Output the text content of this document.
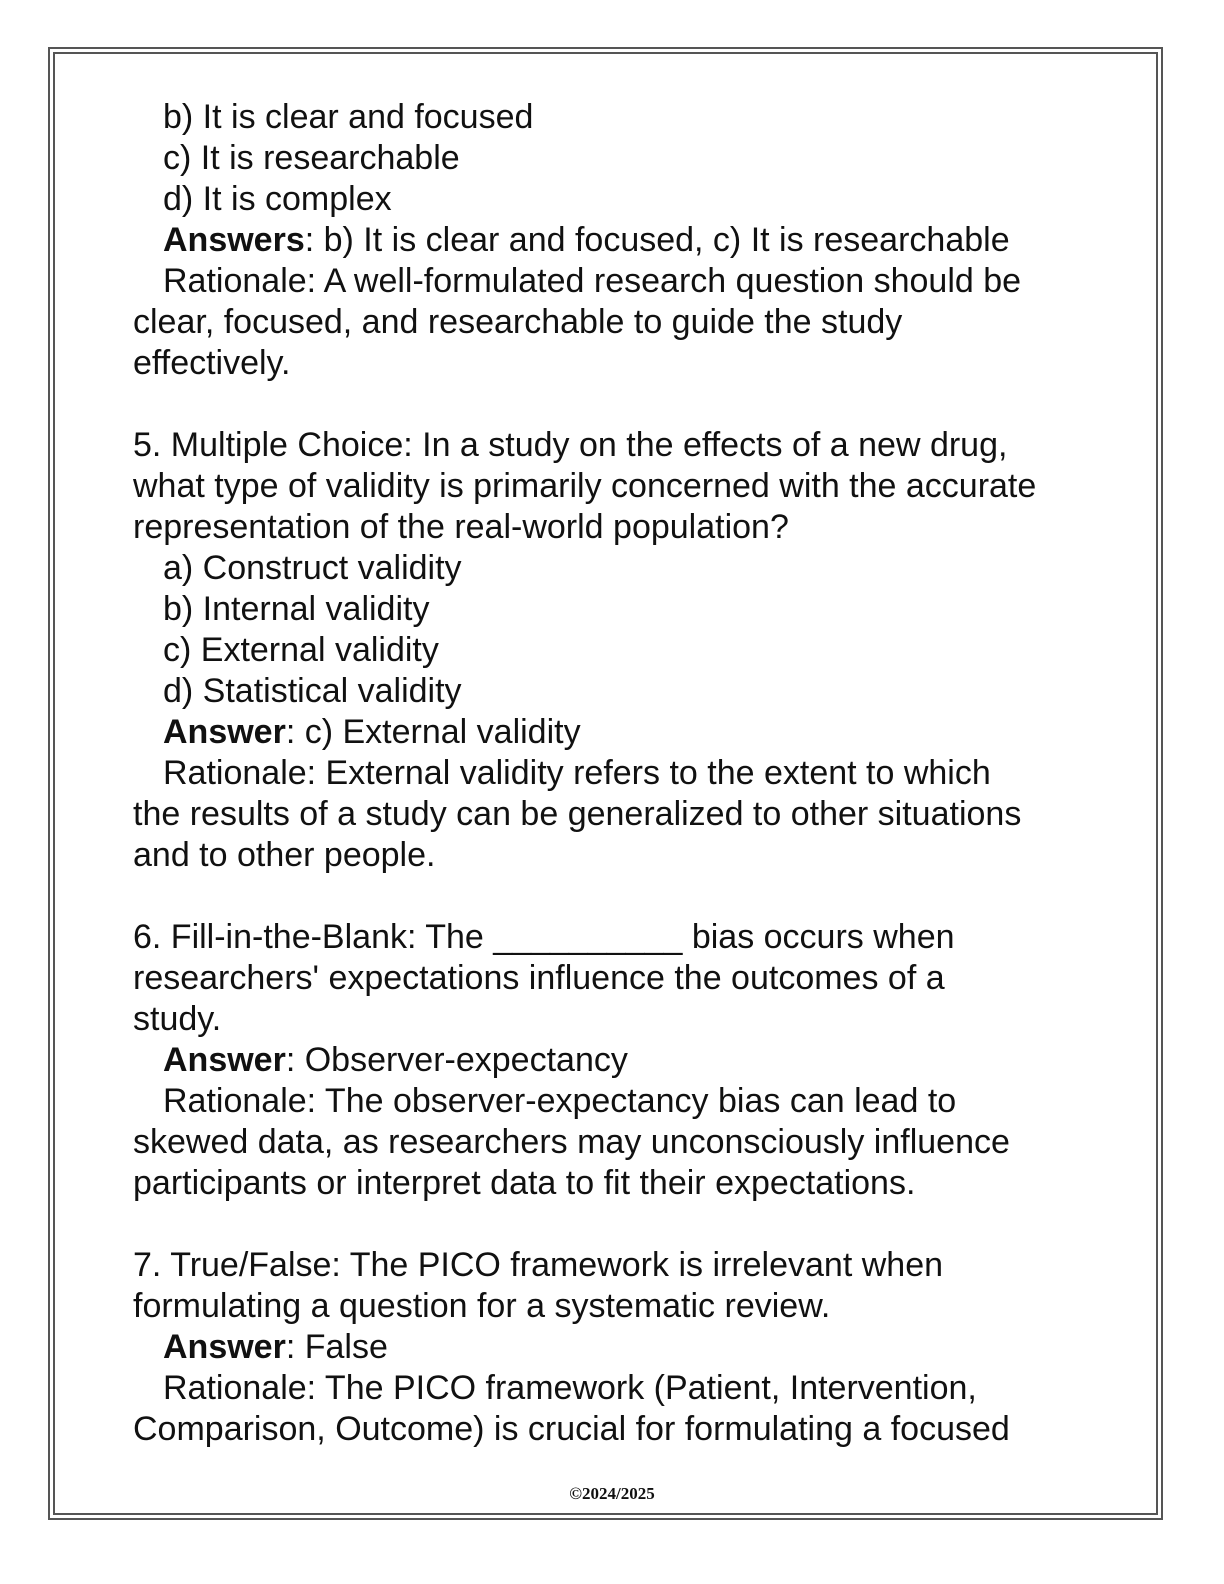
b) It is clear and focused
c) It is researchable
d) It is complex
Answers: b) It is clear and focused, c) It is researchable
Rationale: A well-formulated research question should be
clear, focused, and researchable to guide the study
effectively.
5. Multiple Choice: In a study on the effects of a new drug,
what type of validity is primarily concerned with the accurate
representation of the real-world population?
a) Construct validity
b) Internal validity
c) External validity
d) Statistical validity
Answer: c) External validity
Rationale: External validity refers to the extent to which
the results of a study can be generalized to other situations
and to other people.
6. Fill-in-the-Blank: The __________ bias occurs when
researchers' expectations influence the outcomes of a
study.
Answer: Observer-expectancy
Rationale: The observer-expectancy bias can lead to
skewed data, as researchers may unconsciously influence
participants or interpret data to fit their expectations.
7. True/False: The PICO framework is irrelevant when
formulating a question for a systematic review.
Answer: False
Rationale: The PICO framework (Patient, Intervention,
Comparison, Outcome) is crucial for formulating a focused
©2024/2025
